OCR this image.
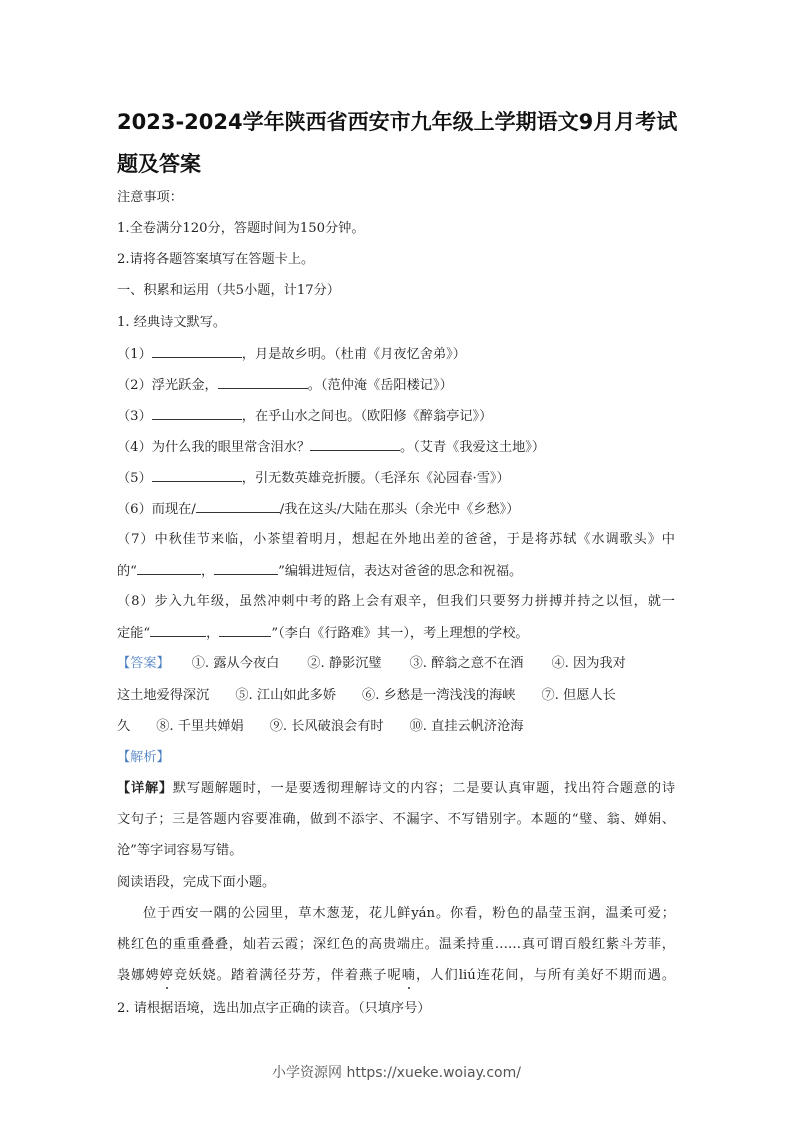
2023-2024学年陕西省西安市九年级上学期语文9月月考试题及答案
注意事项：
1.全卷满分120分，答题时间为150分钟。
2.请将各题答案填写在答题卡上。
一、积累和运用（共5小题，计17分）
1. 经典诗文默写。
（1）	，月是故乡明。（杜甫《月夜忆舍弟》）
（2）浮光跃金，	。（范仲淹《岳阳楼记》）
（3）	，在乎山水之间也。（欧阳修《醉翁亭记》）
（4）为什么我的眼里常含泪水？	。（艾青《我爱这土地》）
（5）	，引无数英雄竞折腰。（毛泽东《沁园春·雪》）
（6）而现在/	/我在这头/大陆在那头（余光中《乡愁》）
（7）中秋佳节来临，小茶望着明月，想起在外地出差的爸爸，于是将苏轼《水调歌头》中
的“	，	”编辑进短信，表达对爸爸的思念和祝福。
（8）步入九年级，虽然冲刺中考的路上会有艰辛，但我们只要努力拼搏并持之以恒，就一
定能“	，	”（李白《行路难》其一），考上理想的学校。
【答案】 ①. 露从今夜白 ②. 静影沉璧 ③. 醉翁之意不在酒 ④. 因为我对
这土地爱得深沉 ⑤. 江山如此多娇 ⑥. 乡愁是一湾浅浅的海峡 ⑦. 但愿人长
久 ⑧. 千里共婵娟 ⑨. 长风破浪会有时 ⑩. 直挂云帆济沧海
【解析】
【详解】默写题解题时，一是要透彻理解诗文的内容；二是要认真审题，找出符合题意的诗
文句子；三是答题内容要准确，做到不添字、不漏字、不写错别字。本题的“璧、翁、婵娟、
沧”等字词容易写错。
阅读语段，完成下面小题。
位于西安一隅的公园里，草木葱茏，花儿鲜yán。你看，粉色的晶莹玉润，温柔可爱；
桃红色的重重叠叠，灿若云霞；深红色的高贵端庄。温柔持重……真可谓百般红紫斗芳菲，
袅娜娉婷竞妖娆。踏着满径芬芳，伴着燕子呢喃，人们liú连花间，与所有美好不期而遇。
2. 请根据语境，选出加点字正确的读音。（只填序号）
小学资源网 https://xueke.woiay.com/
